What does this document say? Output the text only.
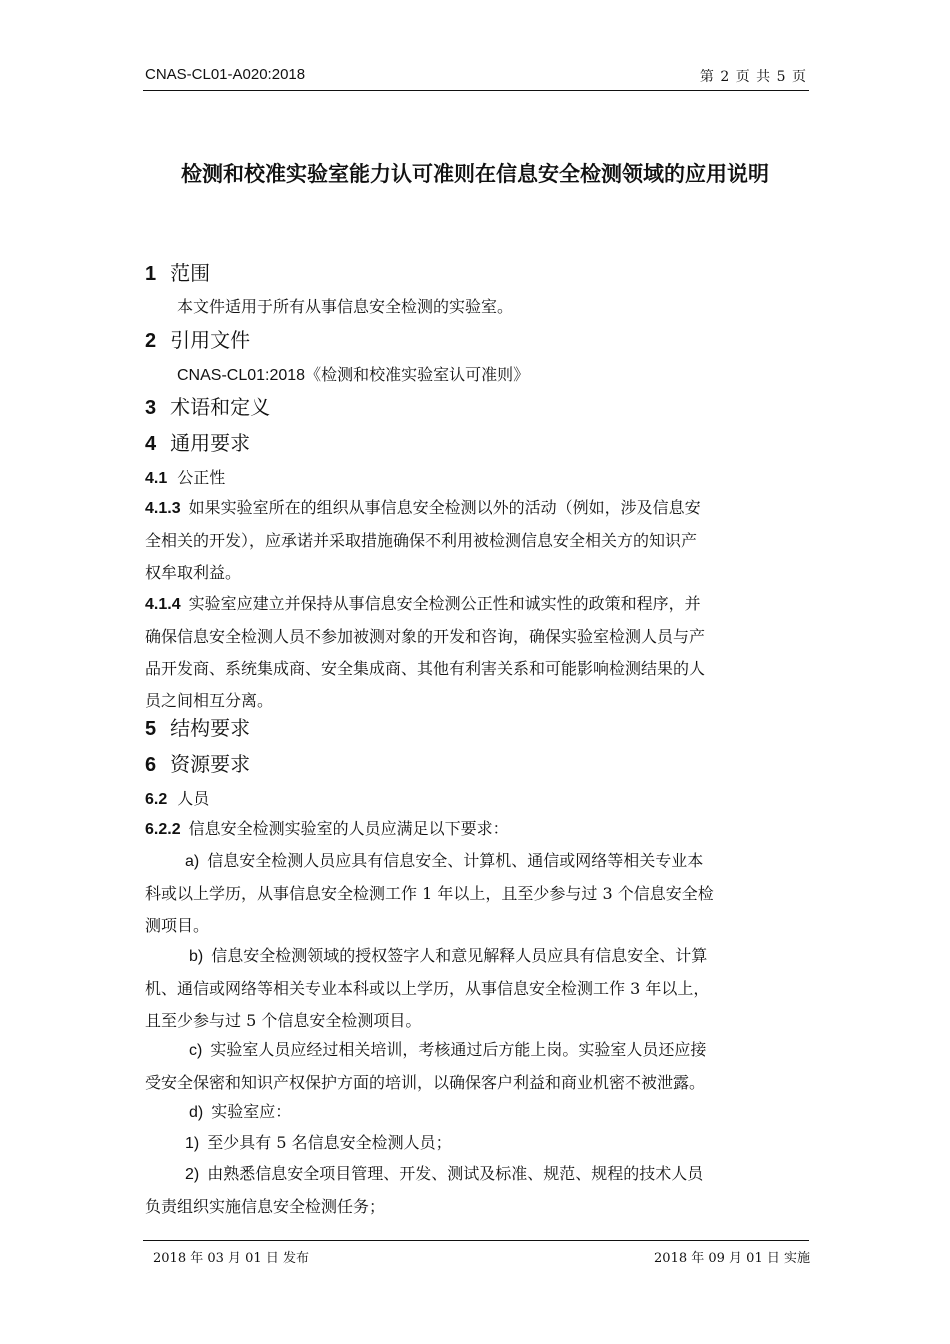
CNAS-CL01-A020:2018	第 2 页 共 5 页
检测和校准实验室能力认可准则在信息安全检测领域的应用说明
1 范围
本文件适用于所有从事信息安全检测的实验室。
2 引用文件
CNAS-CL01:2018《检测和校准实验室认可准则》
3 术语和定义
4 通用要求
4.1 公正性
4.1.3 如果实验室所在的组织从事信息安全检测以外的活动（例如，涉及信息安
全相关的开发），应承诺并采取措施确保不利用被检测信息安全相关方的知识产
权牟取利益。
4.1.4 实验室应建立并保持从事信息安全检测公正性和诚实性的政策和程序，并
确保信息安全检测人员不参加被测对象的开发和咨询，确保实验室检测人员与产
品开发商、系统集成商、安全集成商、其他有利害关系和可能影响检测结果的人
员之间相互分离。
5 结构要求
6 资源要求
6.2 人员
6.2.2 信息安全检测实验室的人员应满足以下要求：
a) 信息安全检测人员应具有信息安全、计算机、通信或网络等相关专业本
科或以上学历，从事信息安全检测工作 1 年以上，且至少参与过 3 个信息安全检
测项目。
b) 信息安全检测领域的授权签字人和意见解释人员应具有信息安全、计算
机、通信或网络等相关专业本科或以上学历，从事信息安全检测工作 3 年以上，
且至少参与过 5 个信息安全检测项目。
c) 实验室人员应经过相关培训，考核通过后方能上岗。实验室人员还应接
受安全保密和知识产权保护方面的培训，以确保客户利益和商业机密不被泄露。
d) 实验室应：
1) 至少具有 5 名信息安全检测人员；
2) 由熟悉信息安全项目管理、开发、测试及标准、规范、规程的技术人员
负责组织实施信息安全检测任务；
2018 年 03 月 01 日 发布	2018 年 09 月 01 日 实施
